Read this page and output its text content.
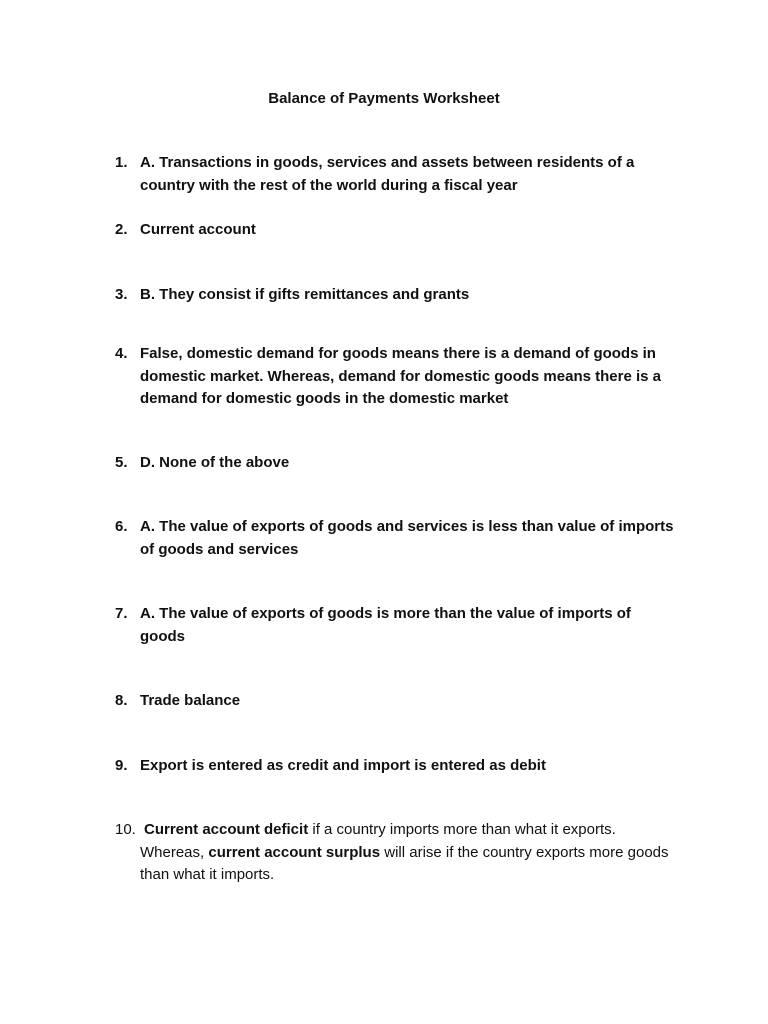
Balance of Payments Worksheet
1. A. Transactions in goods, services and assets between residents of a country with the rest of the world during a fiscal year
2. Current account
3. B. They consist if gifts remittances and grants
4. False, domestic demand for goods means there is a demand of goods in domestic market. Whereas, demand for domestic goods means there is a demand for domestic goods in the domestic market
5. D. None of the above
6. A. The value of exports of goods and services is less than value of imports of goods and services
7. A. The value of exports of goods is more than the value of imports of goods
8. Trade balance
9. Export is entered as credit and import is entered as debit
10. Current account deficit if a country imports more than what it exports. Whereas, current account surplus will arise if the country exports more goods than what it imports.
